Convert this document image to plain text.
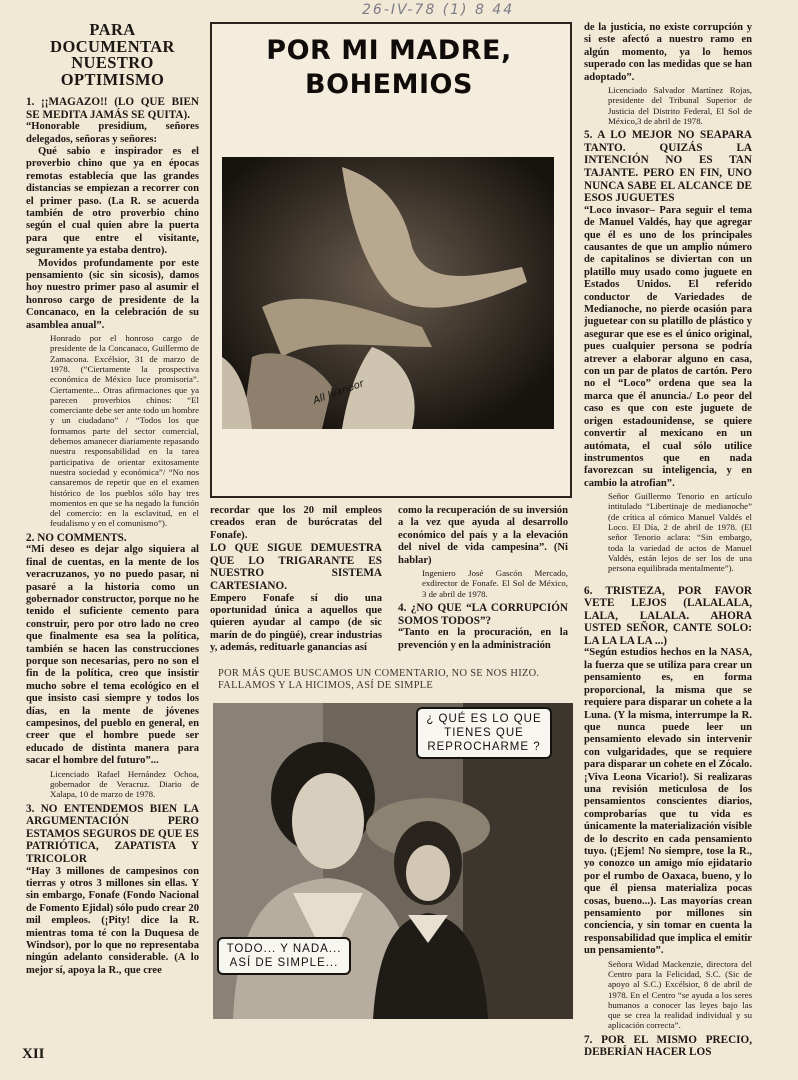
26-IV-78 (1) 8 44
PARA DOCUMENTAR NUESTRO OPTIMISMO

1. ¡¡MAGAZO!! (LO QUE BIEN SE MEDITA JAMÁS SE QUITA).

“Honorable presidium, señores delegados, señoras y señores:

Qué sabio e inspirador es el proverbio chino que ya en épocas remotas establecía que las grandes distancias se empiezan a recorrer con el primer paso. (La R. se acuerda también de otro proverbio chino según el cual quien abre la puerta para que entre el visitante, seguramente ya estaba dentro).

Movidos profundamente por este pensamiento (sic sin sicosis), damos hoy nuestro primer paso al asumir el honroso cargo de presidente de la Concanaco, en la celebración de su asamblea anual”.

Honrado por el honroso cargo de presidente de la Concanaco, Guillermo de Zamacona. Excélsior, 31 de marzo de 1978. (“Ciertamente la prospectiva económica de México luce promisoria”. Ciertamente... Otras afirmaciones que ya parecen proverbios chinos: “El comerciante debe ser ante todo un hombre y un ciudadano” / “Todos los que formamos parte del sector comercial, debemos amanecer diariamente repasando nuestra responsabilidad en la tarea participativa de orientar exitosamente nuestra sociedad y económica”/ “No nos cansaremos de repetir que en el examen histórico de los pueblos sólo hay tres momentos en que se ha negado la función del comercio: en la esclavitud, en el feudalismo y en el comunismo”).

2. NO COMMENTS.

“Mi deseo es dejar algo siquiera al final de cuentas, en la mente de los veracruzanos, yo no puedo pasar, ni pasaré a la historia como un gobernador constructor, porque no he tenido el suficiente cemento para construir, pero por otro lado no creo que finalmente esa sea la política, también se hacen las construcciones porque son necesarias, pero no son el fin de la política, creo que insistir mucho sobre el tema ecológico en el que insisto casi siempre y todos los días, en la mente de jóvenes campesinos, del pueblo en general, en creer que el hombre puede ser educado de distinta manera para sacar el hombre del futuro”...

Licenciado Rafael Hernández Ochoa, gobernador de Veracruz. Diario de Xalapa, 10 de marzo de 1978.

3. NO ENTENDEMOS BIEN LA ARGUMENTACIÓN PERO ESTAMOS SEGUROS DE QUE ES PATRIÓTICA, ZAPATISTA Y TRICOLOR

“Hay 3 millones de campesinos con tierras y otros 3 millones sin ellas. Y sin embargo, Fonafe (Fondo Nacional de Fomento Ejidal) sólo pudo crear 20 mil empleos. (¡Pity! dice la R. mientras toma té con la Duquesa de Windsor), por lo que no representaba ningún adelanto considerable. (A lo mejor sí, apoya la R., que cree

XII
POR MI MADRE, BOHEMIOS
All Ivanoor

recordar que los 20 mil empleos creados eran de burócratas del Fonafe).

LO QUE SIGUE DEMUESTRA QUE LO TRIGARANTE ES NUESTRO SISTEMA CARTESIANO.

Empero Fonafe sí dio una oportunidad única a aquellos que quieren ayudar al campo (de sic marín de do pingüé), crear industrias y, además, redituarle ganancias así

como la recuperación de su inversión a la vez que ayuda al desarrollo económico del país y a la elevación del nivel de vida campesina”. (Ni hablar)

Ingeniero José Gascón Mercado, exdirector de Fonafe. El Sol de México, 3 de abril de 1978.

4. ¿NO QUE “LA CORRUPCIÓN SOMOS TODOS”?

“Tanto en la procuración, en la prevención y en la administración

POR MÁS QUE BUSCAMOS UN COMENTARIO, NO SE NOS HIZO. FALLAMOS Y LA HICIMOS, ASÍ DE SIMPLE
¿ QUÉ ES LO QUE TIENES QUE REPROCHARME ?
TODO... Y NADA... ASÍ DE SIMPLE...

de la justicia, no existe corrupción y si este afectó a nuestro ramo en algún momento, ya lo hemos superado con las medidas que se han adoptado”.

Licenciado Salvador Martínez Rojas, presidente del Tribunal Superior de Justicia del Distrito Federal, El Sol de México,3 de abril de 1978.

5. A LO MEJOR NO SEAPARA TANTO. QUIZÁS LA INTENCIÓN NO ES TAN TAJANTE. PERO EN FIN, UNO NUNCA SABE EL ALCANCE DE ESOS JUGUETES

“Loco invasor– Para seguir el tema de Manuel Valdés, hay que agregar que él es uno de los principales causantes de que un amplio número de capitalinos se diviertan con un platillo muy usado como juguete en Estados Unidos. El referido conductor de Variedades de Medianoche, no pierde ocasión para juguetear con su platillo de plástico y asegurar que ese es el único original, pues cualquier persona se podría atrever a elaborar alguno en casa, con un par de platos de cartón. Pero no el “Loco” ordena que sea la marca que él anuncia./ Lo peor del caso es que con este juguete de origen estadounidense, se quiere convertir al mexicano en un autómata, el cual sólo utilice instrumentos que en nada favorezcan su inteligencia, y en cambio la atrofian”.

Señor Guillermo Tenorio en artículo intitulado “Libertinaje de medianoche” (de crítica al cómico Manuel Valdés el Loco. El Día, 2 de abril de 1978. (El señor Tenorio aclara: “Sin embargo, toda la variedad de actos de Manuel Valdés, están lejos de ser los de una persona equilibrada mentalmente”).

6. TRISTEZA, POR FAVOR VETE LEJOS (LALALALA, LALA, LALALA. AHORA USTED SEÑOR, CANTE SOLO: LA LA LA LA ...)

“Según estudios hechos en la NASA, la fuerza que se utiliza para crear un pensamiento es, en forma proporcional, la misma que se requiere para disparar un cohete a la Luna. (Y la misma, interrumpe la R. que nunca puede leer un pensamiento elevado sin intervenir con vulgaridades, que se requiere para disparar un cohete en el Zócalo. ¡Viva Leona Vicario!). Si realizaras una revisión meticulosa de los pensamientos conscientes diarios, comprobarías que tu vida es únicamente la materialización visible de lo descrito en cada pensamiento tuyo. (¡Ejem! No siempre, tose la R., yo conozco un amigo mío ejidatario por el rumbo de Oaxaca, bueno, y lo que él piensa materializa pocas cosas, bueno...). Las mayorías crean pensamiento por millones sin conciencia, y sin tomar en cuenta la responsabilidad que implica el emitir un pensamiento”.

Señora Widad Mackenzie, directora del Centro para la Felicidad, S.C. (Sic de apoyo al S.C.) Excélsior, 8 de abril de 1978. En el Centro “se ayuda a los seres humanos a conocer las leyes bajo las que se crea la realidad individual y su aplicación correcta”.

7. POR EL MISMO PRECIO, DEBERÍAN HACER LOS
